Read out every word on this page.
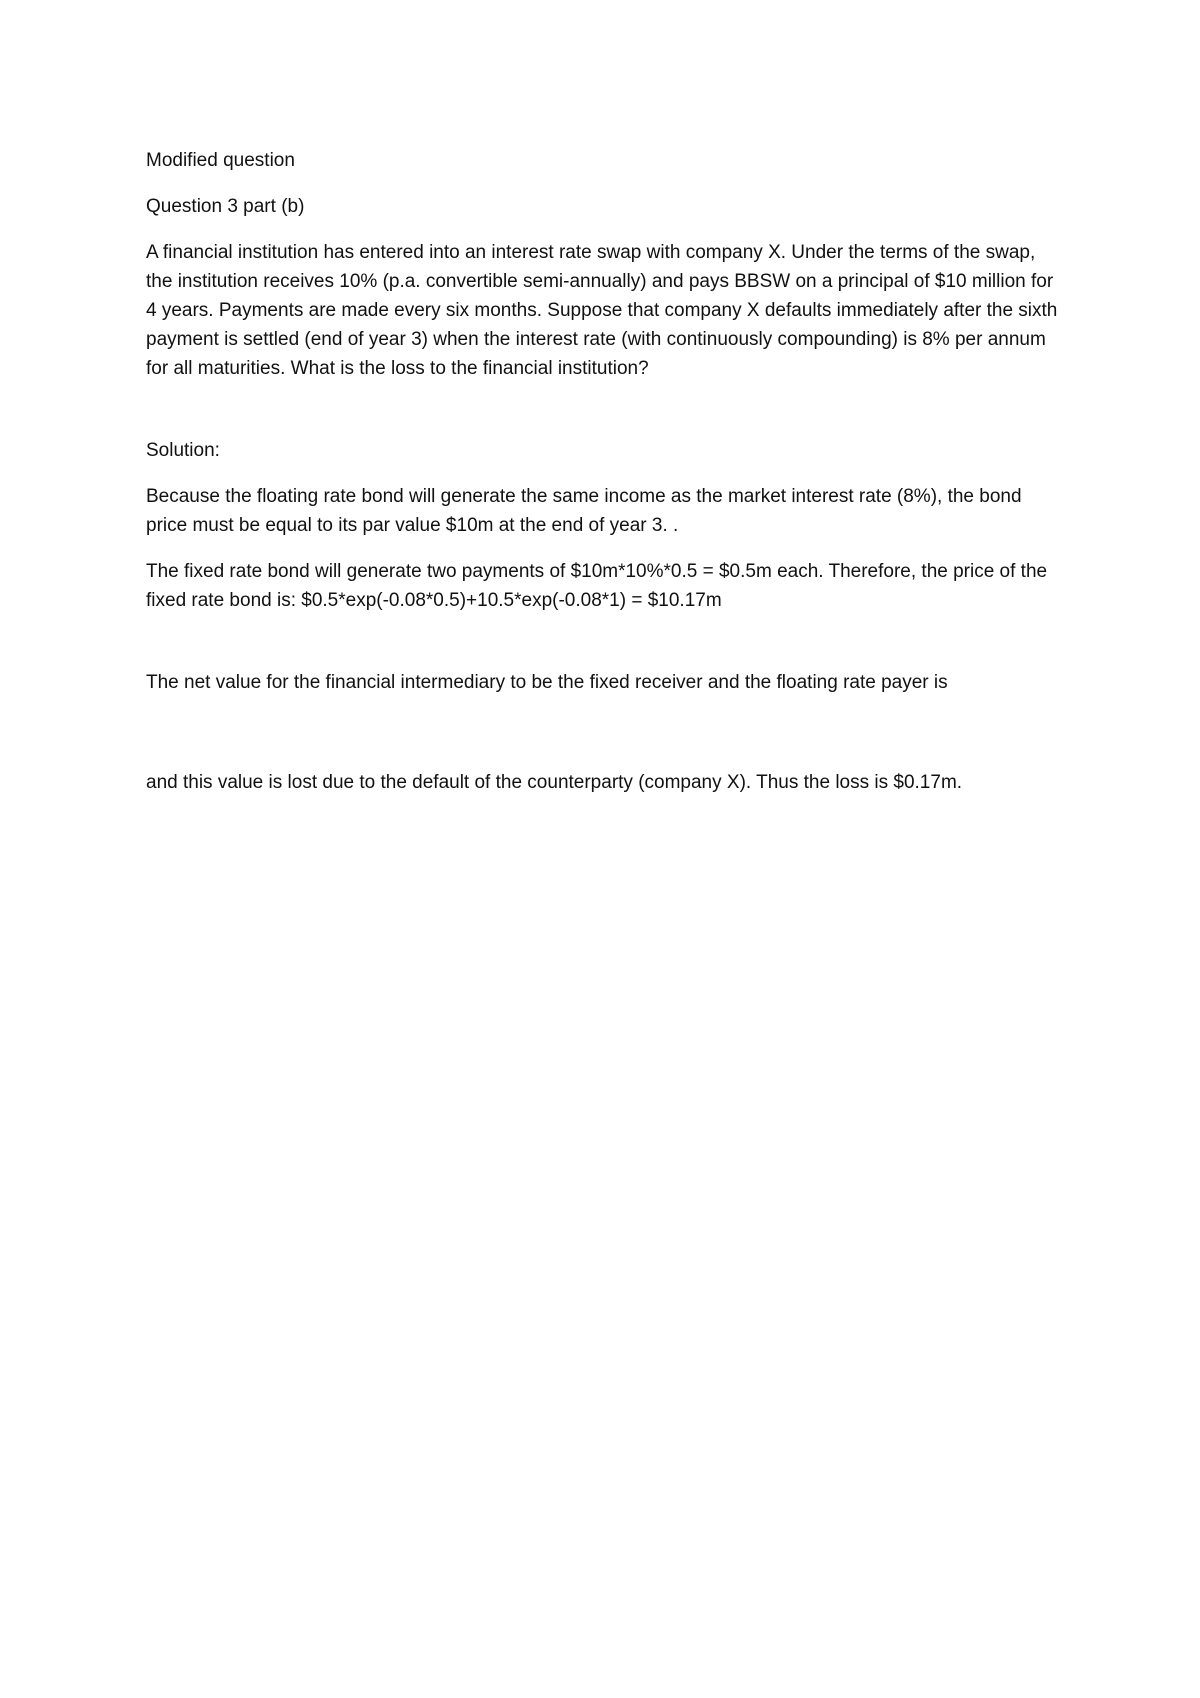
Modified question

Question 3 part (b)

A financial institution has entered into an interest rate swap with company X. Under the terms of the swap, the institution receives 10% (p.a. convertible semi-annually) and pays BBSW on a principal of $10 million for 4 years. Payments are made every six months. Suppose that company X defaults immediately after the sixth payment is settled (end of year 3) when the interest rate (with continuously compounding) is 8% per annum for all maturities. What is the loss to the financial institution?

Solution:

Because the floating rate bond will generate the same income as the market interest rate (8%), the bond price must be equal to its par value $10m at the end of year 3. .

The fixed rate bond will generate two payments of $10m*10%*0.5 = $0.5m each. Therefore, the price of the fixed rate bond is: $0.5*exp(-0.08*0.5)+10.5*exp(-0.08*1) = $10.17m

The net value for the financial intermediary to be the fixed receiver and the floating rate payer is

and this value is lost due to the default of the counterparty (company X). Thus the loss is $0.17m.
